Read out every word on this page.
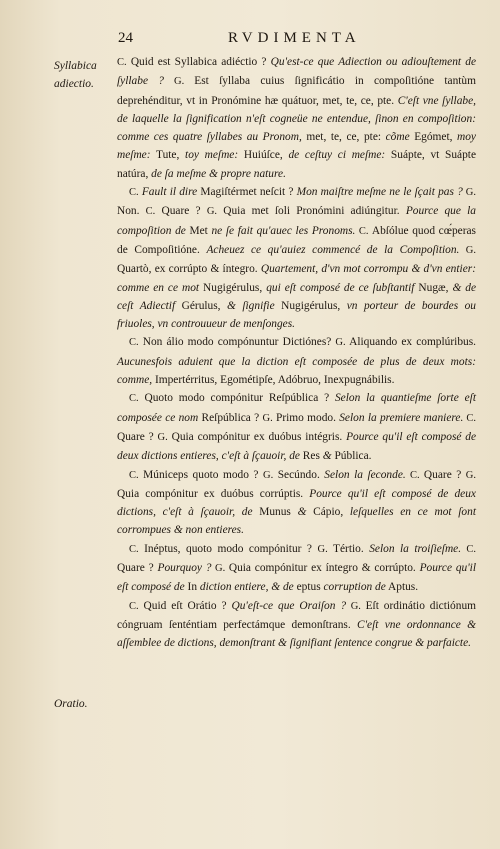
24	RVDIMENTA
Syllabica
adiectio.
Oratio.

C. Quid est Syllabica adiéctio ? Qu'est-ce que Adiection ou adiouſtement de ſyllabe ? G. Est ſyllaba cuius ſignificátio in compoſitióne tantùm deprehénditur, vt in Pronómine hæ quátuor, met, te, ce, pte. C'eſt vne ſyllabe, de laquelle la ſignification n'eſt cogneüe ne entendue, ſinon en compoſition: comme ces quatre ſyllabes au Pronom, met, te, ce, pte: cõme Egómet, moy meſme: Tute, toy meſme: Huiúſce, de ceſtuy ci meſme: Suápte, vt Suápte natúra, de ſa meſme & propre nature.

C. Fault il dire Magiſtérmet neſcit ? Mon maiſtre meſme ne le ſçait pas ? G. Non. C. Quare ? G. Quia met ſoli Pronómini adiúngitur. Pource que la compoſition de Met ne ſe fait qu'auec les Pronoms. C. Abſólue quod cœ́peras de Compoſitióne. Acheuez ce qu'auiez commencé de la Compoſition. G. Quartò, ex corrúpto & íntegro. Quartement, d'vn mot corrompu & d'vn entier: comme en ce mot Nugigérulus, qui eſt composé de ce ſubſtantif Nugæ, & de ceſt Adiectif Gérulus, & ſignifie Nugigérulus, vn porteur de bourdes ou friuoles, vn controuueur de menſonges.

C. Non álio modo compónuntur Dictiónes? G. Aliquando ex complúribus. Aucunesfois aduient que la diction eſt composée de plus de deux mots: comme, Impertérritus, Egométipſe, Adóbruo, Inexpugnábilis.

C. Quoto modo compónitur Reſpública ? Selon la quantieſme ſorte eſt composée ce nom Reſpública ? G. Primo modo. Selon la premiere maniere. C. Quare ? G. Quia compónitur ex duóbus intégris. Pource qu'il eſt composé de deux dictions entieres, c'eſt à ſçauoir, de Res & Pública.

C. Múniceps quoto modo ? G. Secúndo. Selon la ſeconde. C. Quare ? G. Quia compónitur ex duóbus corrúptis. Pource qu'il eſt composé de deux dictions, c'eſt à ſçauoir, de Munus & Cápio, leſquelles en ce mot ſont corrompues & non entieres.

C. Inéptus, quoto modo compónitur ? G. Tértio. Selon la troiſieſme. C. Quare ? Pourquoy ? G. Quia compónitur ex íntegro & corrúpto. Pource qu'il eſt composé de In diction entiere, & de eptus corruption de Aptus.

C. Quid eſt Orátio ? Qu'eſt-ce que Oraiſon ? G. Eſt ordinátio dictiónum cóngruam ſenténtiam perfectámque demonſtrans. C'eſt vne ordonnance & aſſemblee de dictions, demonſtrant & ſignifiant ſentence congrue & parfaicte.
